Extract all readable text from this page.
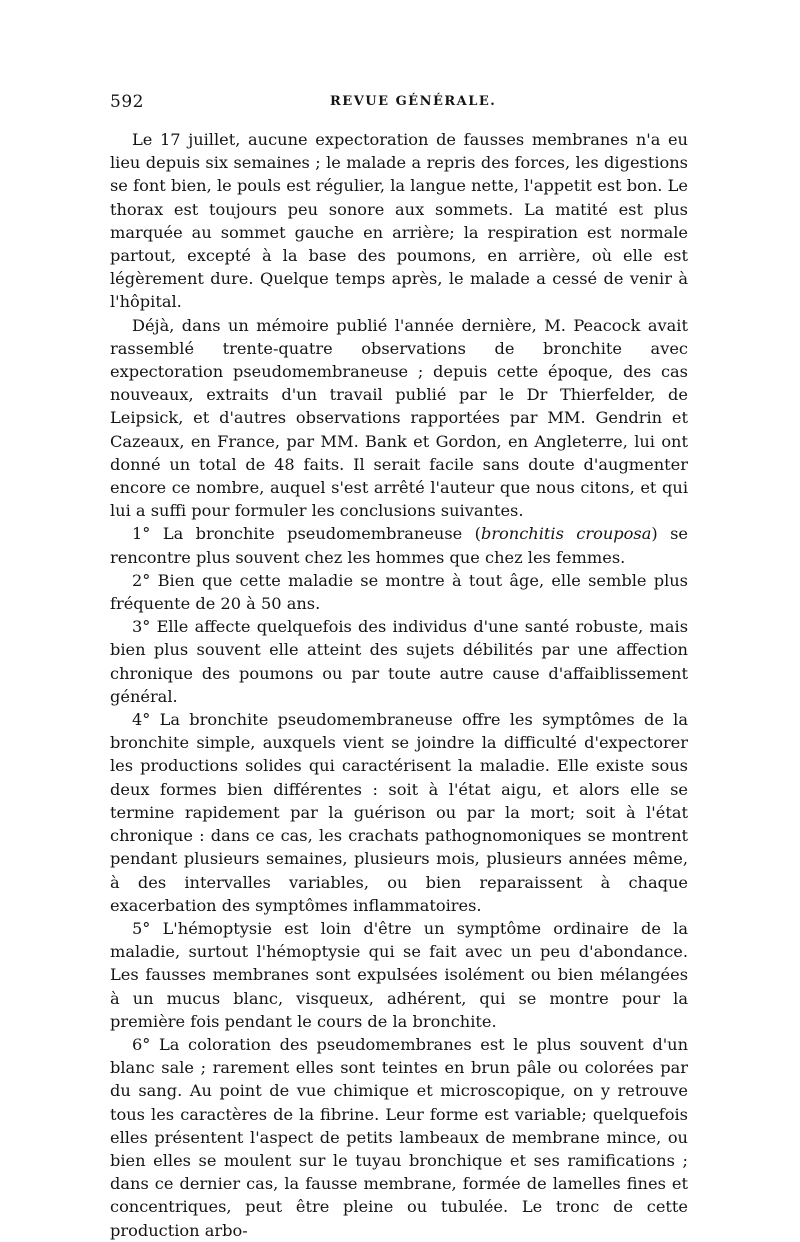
592	REVUE GÉNÉRALE.

Le 17 juillet, aucune expectoration de fausses membranes n'a eu lieu depuis six semaines ; le malade a repris des forces, les digestions se font bien, le pouls est régulier, la langue nette, l'appetit est bon. Le thorax est toujours peu sonore aux sommets. La matité est plus marquée au sommet gauche en arrière; la respiration est normale partout, excepté à la base des poumons, en arrière, où elle est légèrement dure. Quelque temps après, le malade a cessé de venir à l'hôpital.

Déjà, dans un mémoire publié l'année dernière, M. Peacock avait rassemblé trente-quatre observations de bronchite avec expectoration pseudomembraneuse ; depuis cette époque, des cas nouveaux, extraits d'un travail publié par le Dr Thierfelder, de Leipsick, et d'autres observations rapportées par MM. Gendrin et Cazeaux, en France, par MM. Bank et Gordon, en Angleterre, lui ont donné un total de 48 faits. Il serait facile sans doute d'augmenter encore ce nombre, auquel s'est arrêté l'auteur que nous citons, et qui lui a suffi pour formuler les conclusions suivantes.

1° La bronchite pseudomembraneuse (bronchitis crouposa) se rencontre plus souvent chez les hommes que chez les femmes.

2° Bien que cette maladie se montre à tout âge, elle semble plus fréquente de 20 à 50 ans.

3° Elle affecte quelquefois des individus d'une santé robuste, mais bien plus souvent elle atteint des sujets débilités par une affection chronique des poumons ou par toute autre cause d'affaiblissement général.

4° La bronchite pseudomembraneuse offre les symptômes de la bronchite simple, auxquels vient se joindre la difficulté d'expectorer les productions solides qui caractérisent la maladie. Elle existe sous deux formes bien différentes : soit à l'état aigu, et alors elle se termine rapidement par la guérison ou par la mort; soit à l'état chronique : dans ce cas, les crachats pathognomoniques se montrent pendant plusieurs semaines, plusieurs mois, plusieurs années même, à des intervalles variables, ou bien reparaissent à chaque exacerbation des symptômes inflammatoires.

5° L'hémoptysie est loin d'être un symptôme ordinaire de la maladie, surtout l'hémoptysie qui se fait avec un peu d'abondance. Les fausses membranes sont expulsées isolément ou bien mélangées à un mucus blanc, visqueux, adhérent, qui se montre pour la première fois pendant le cours de la bronchite.

6° La coloration des pseudomembranes est le plus souvent d'un blanc sale ; rarement elles sont teintes en brun pâle ou colorées par du sang. Au point de vue chimique et microscopique, on y retrouve tous les caractères de la fibrine. Leur forme est variable; quelquefois elles présentent l'aspect de petits lambeaux de membrane mince, ou bien elles se moulent sur le tuyau bronchique et ses ramifications ; dans ce dernier cas, la fausse membrane, formée de lamelles fines et concentriques, peut être pleine ou tubulée. Le tronc de cette production arbo-
